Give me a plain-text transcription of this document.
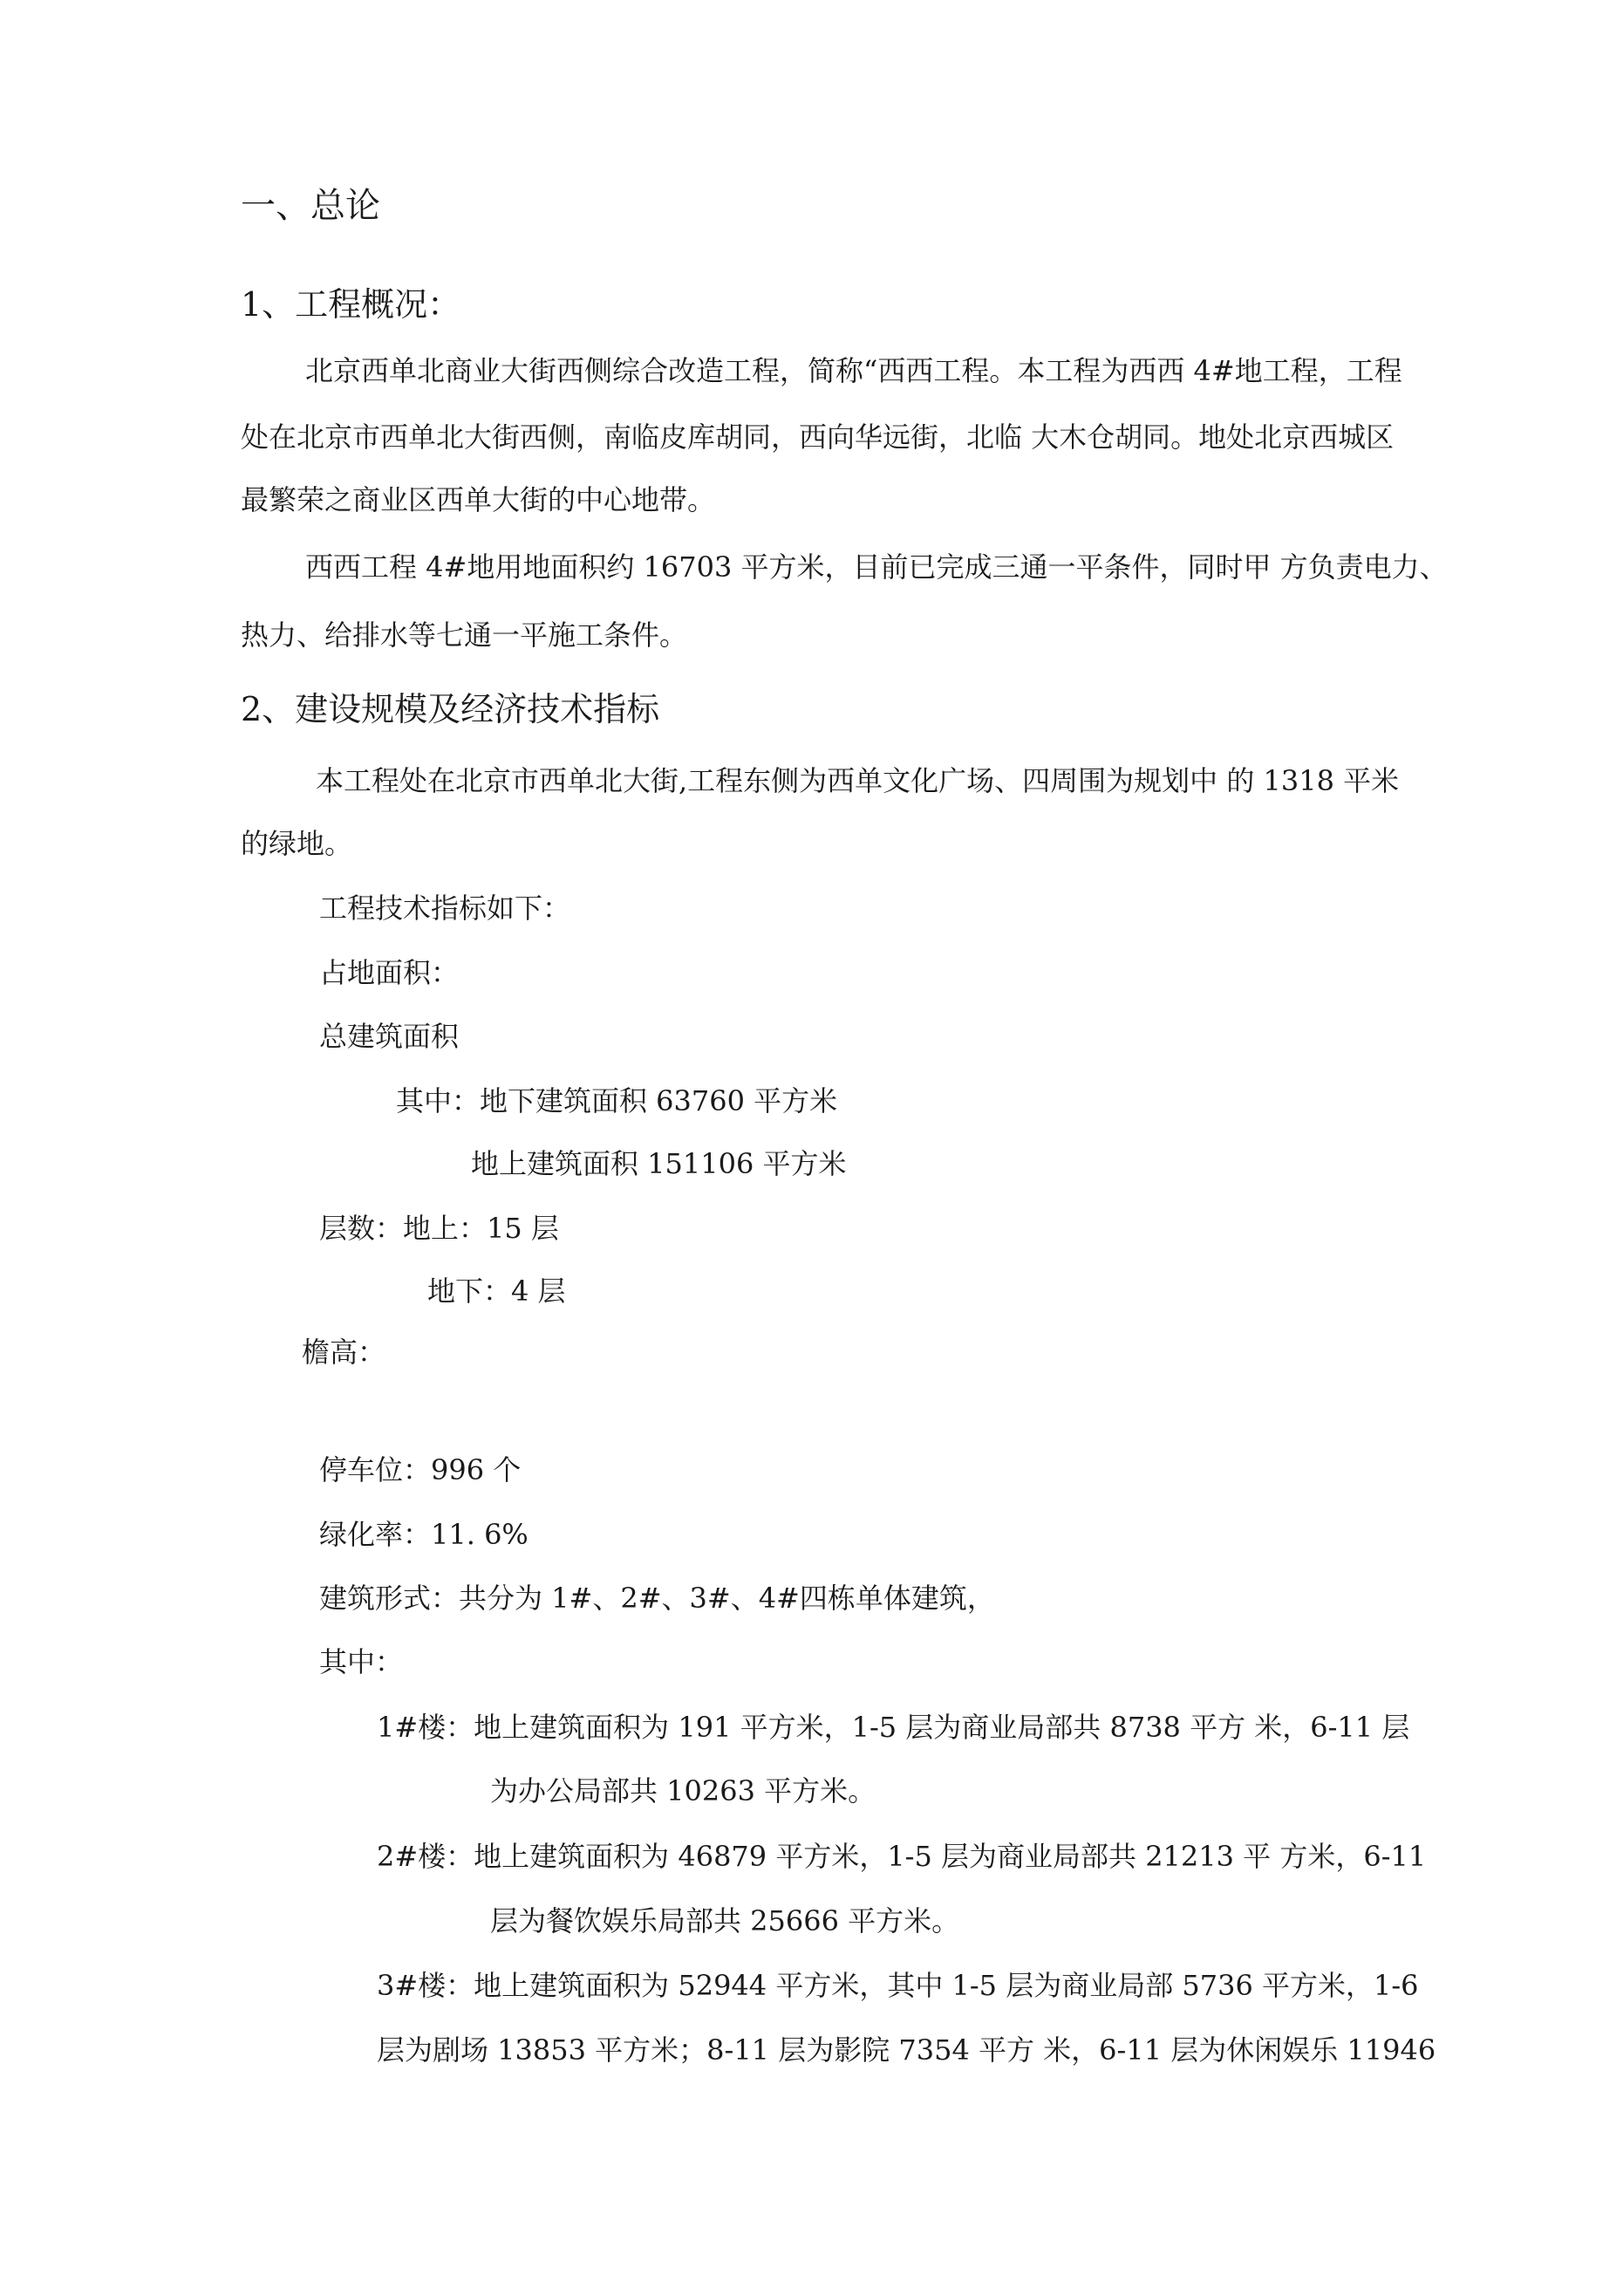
一、总论
1、工程概况：
北京西单北商业大街西侧综合改造工程，简称“西西工程。本工程为西西 4#地工程，工程
处在北京市西单北大街西侧，南临皮库胡同，西向华远街，北临 大木仓胡同。地处北京西城区
最繁荣之商业区西单大街的中心地带。
西西工程 4#地用地面积约 16703 平方米，目前已完成三通一平条件，同时甲 方负责电力、
热力、给排水等七通一平施工条件。
2、建设规模及经济技术指标
本工程处在北京市西单北大街,工程东侧为西单文化广场、四周围为规划中 的 1318 平米
的绿地。
工程技术指标如下：
占地面积：
总建筑面积
其中：地下建筑面积 63760 平方米
地上建筑面积 151106 平方米
层数：地上：15 层
地下：4 层
檐高：
停车位：996 个
绿化率：11. 6%
建筑形式：共分为 1#、2#、3#、4#四栋单体建筑，
其中：
1#楼：地上建筑面积为 191 平方米，1-5 层为商业局部共 8738 平方 米，6-11 层
为办公局部共 10263 平方米。
2#楼：地上建筑面积为 46879 平方米，1-5 层为商业局部共 21213 平 方米，6-11
层为餐饮娱乐局部共 25666 平方米。
3#楼：地上建筑面积为 52944 平方米，其中 1-5 层为商业局部 5736 平方米，1-6
层为剧场 13853 平方米；8-11 层为影院 7354 平方 米，6-11 层为休闲娱乐 11946
